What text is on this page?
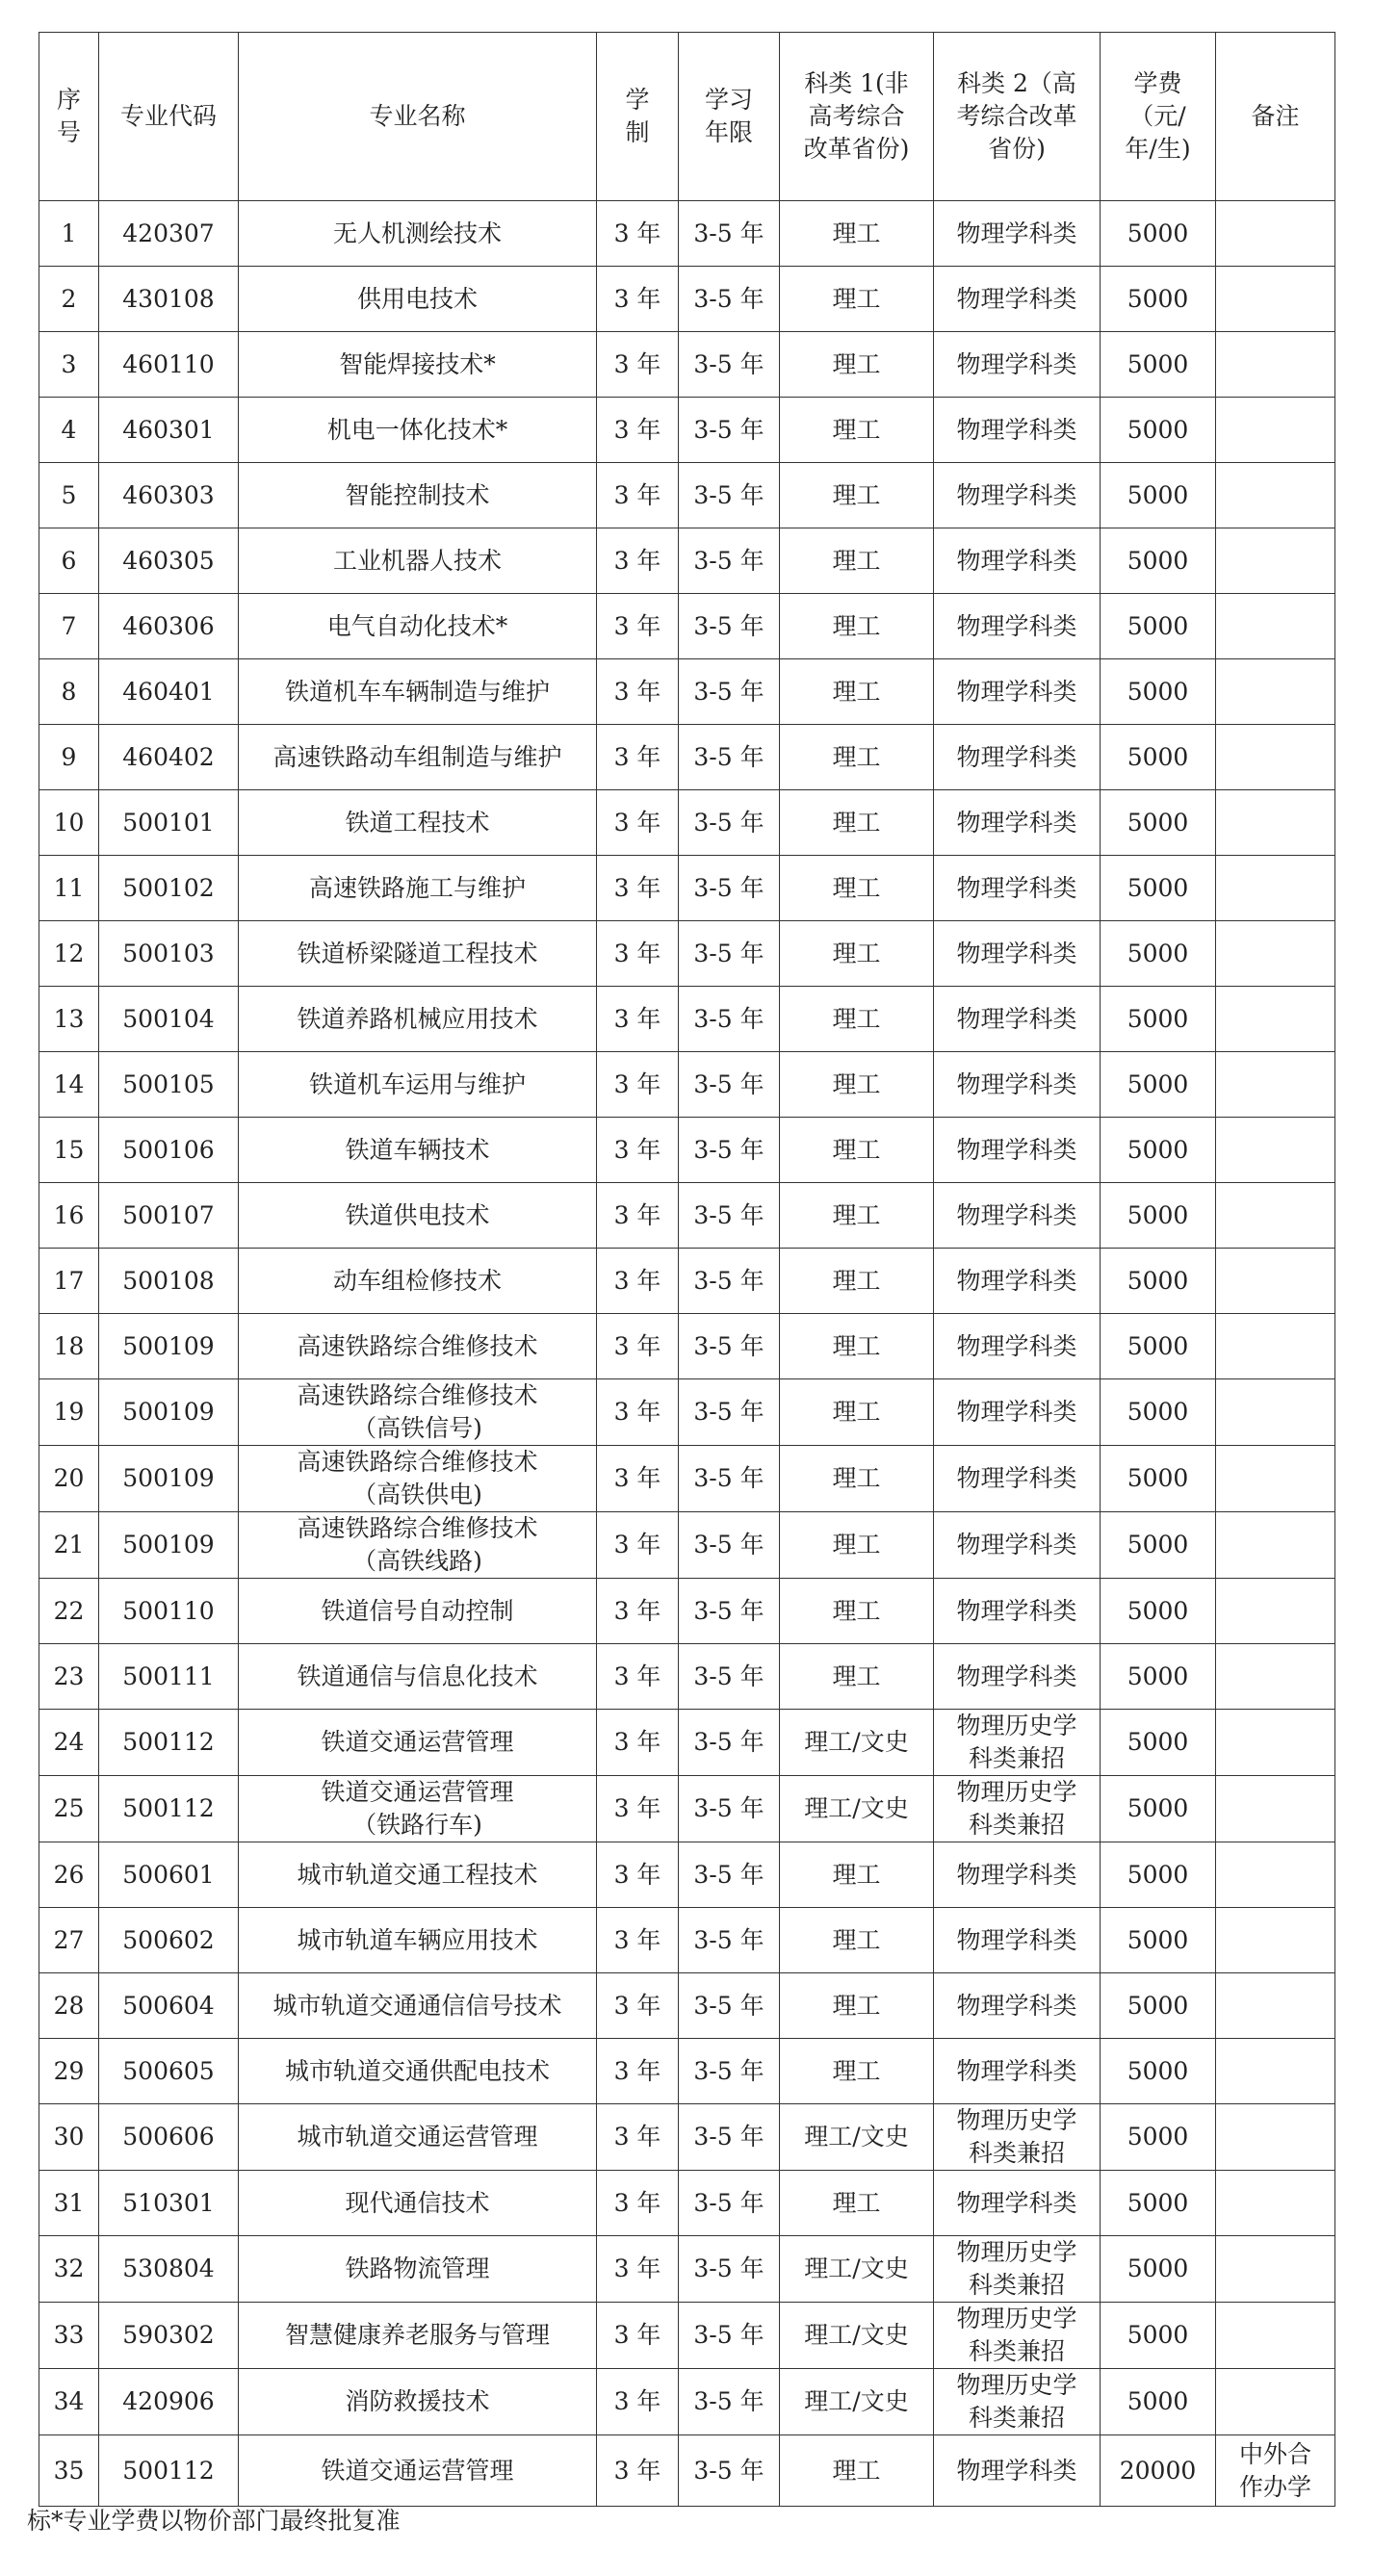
序
号	专业代码	专业名称	学
制	学习
年限	科类 1(非
高考综合
改革省份)	科类 2（高
考综合改革
省份)	学费
（元/
年/生)	备注
1	420307	无人机测绘技术	3 年	3-5 年	理工	物理学科类	5000	
2	430108	供用电技术	3 年	3-5 年	理工	物理学科类	5000	
3	460110	智能焊接技术*	3 年	3-5 年	理工	物理学科类	5000	
4	460301	机电一体化技术*	3 年	3-5 年	理工	物理学科类	5000	
5	460303	智能控制技术	3 年	3-5 年	理工	物理学科类	5000	
6	460305	工业机器人技术	3 年	3-5 年	理工	物理学科类	5000	
7	460306	电气自动化技术*	3 年	3-5 年	理工	物理学科类	5000	
8	460401	铁道机车车辆制造与维护	3 年	3-5 年	理工	物理学科类	5000	
9	460402	高速铁路动车组制造与维护	3 年	3-5 年	理工	物理学科类	5000	
10	500101	铁道工程技术	3 年	3-5 年	理工	物理学科类	5000	
11	500102	高速铁路施工与维护	3 年	3-5 年	理工	物理学科类	5000	
12	500103	铁道桥梁隧道工程技术	3 年	3-5 年	理工	物理学科类	5000	
13	500104	铁道养路机械应用技术	3 年	3-5 年	理工	物理学科类	5000	
14	500105	铁道机车运用与维护	3 年	3-5 年	理工	物理学科类	5000	
15	500106	铁道车辆技术	3 年	3-5 年	理工	物理学科类	5000	
16	500107	铁道供电技术	3 年	3-5 年	理工	物理学科类	5000	
17	500108	动车组检修技术	3 年	3-5 年	理工	物理学科类	5000	
18	500109	高速铁路综合维修技术	3 年	3-5 年	理工	物理学科类	5000	
19	500109	高速铁路综合维修技术
（高铁信号)	3 年	3-5 年	理工	物理学科类	5000	
20	500109	高速铁路综合维修技术
（高铁供电)	3 年	3-5 年	理工	物理学科类	5000	
21	500109	高速铁路综合维修技术
（高铁线路)	3 年	3-5 年	理工	物理学科类	5000	
22	500110	铁道信号自动控制	3 年	3-5 年	理工	物理学科类	5000	
23	500111	铁道通信与信息化技术	3 年	3-5 年	理工	物理学科类	5000	
24	500112	铁道交通运营管理	3 年	3-5 年	理工/文史	物理历史学
科类兼招	5000	
25	500112	铁道交通运营管理
（铁路行车)	3 年	3-5 年	理工/文史	物理历史学
科类兼招	5000	
26	500601	城市轨道交通工程技术	3 年	3-5 年	理工	物理学科类	5000	
27	500602	城市轨道车辆应用技术	3 年	3-5 年	理工	物理学科类	5000	
28	500604	城市轨道交通通信信号技术	3 年	3-5 年	理工	物理学科类	5000	
29	500605	城市轨道交通供配电技术	3 年	3-5 年	理工	物理学科类	5000	
30	500606	城市轨道交通运营管理	3 年	3-5 年	理工/文史	物理历史学
科类兼招	5000	
31	510301	现代通信技术	3 年	3-5 年	理工	物理学科类	5000	
32	530804	铁路物流管理	3 年	3-5 年	理工/文史	物理历史学
科类兼招	5000	
33	590302	智慧健康养老服务与管理	3 年	3-5 年	理工/文史	物理历史学
科类兼招	5000	
34	420906	消防救援技术	3 年	3-5 年	理工/文史	物理历史学
科类兼招	5000	
35	500112	铁道交通运营管理	3 年	3-5 年	理工	物理学科类	20000	中外合
作办学
标*专业学费以物价部门最终批复准
